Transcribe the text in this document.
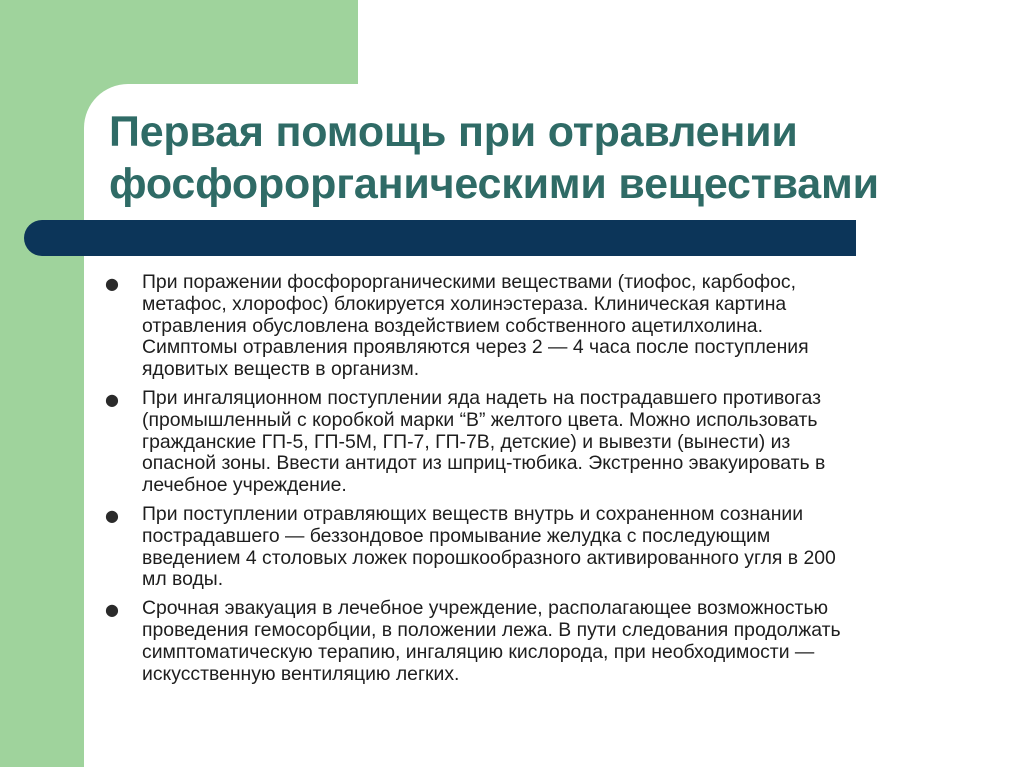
Первая помощь при отравлении
фосфорорганическими веществами
● При поражении фосфорорганическими веществами (тиофос, карбофос,
метафос, хлорофос) блокируется холинэстераза. Клиническая картина
отравления обусловлена воздействием собственного ацетилхолина.
Симптомы отравления проявляются через 2 — 4 часа после поступления
ядовитых веществ в организм.
● При ингаляционном поступлении яда надеть на пострадавшего противогаз
(промышленный с коробкой марки “В” желтого цвета. Можно использовать
гражданские ГП-5, ГП-5М, ГП-7, ГП-7В, детские) и вывезти (вынести) из
опасной зоны. Ввести антидот из шприц-тюбика. Экстренно эвакуировать в
лечебное учреждение.
● При поступлении отравляющих веществ внутрь и сохраненном сознании
пострадавшего — беззондовое промывание желудка с последующим
введением 4 столовых ложек порошкообразного активированного угля в 200
мл воды.
● Срочная эвакуация в лечебное учреждение, располагающее возможностью
проведения гемосорбции, в положении лежа. В пути следования продолжать
симптоматическую терапию, ингаляцию кислорода, при необходимости —
искусственную вентиляцию легких.
